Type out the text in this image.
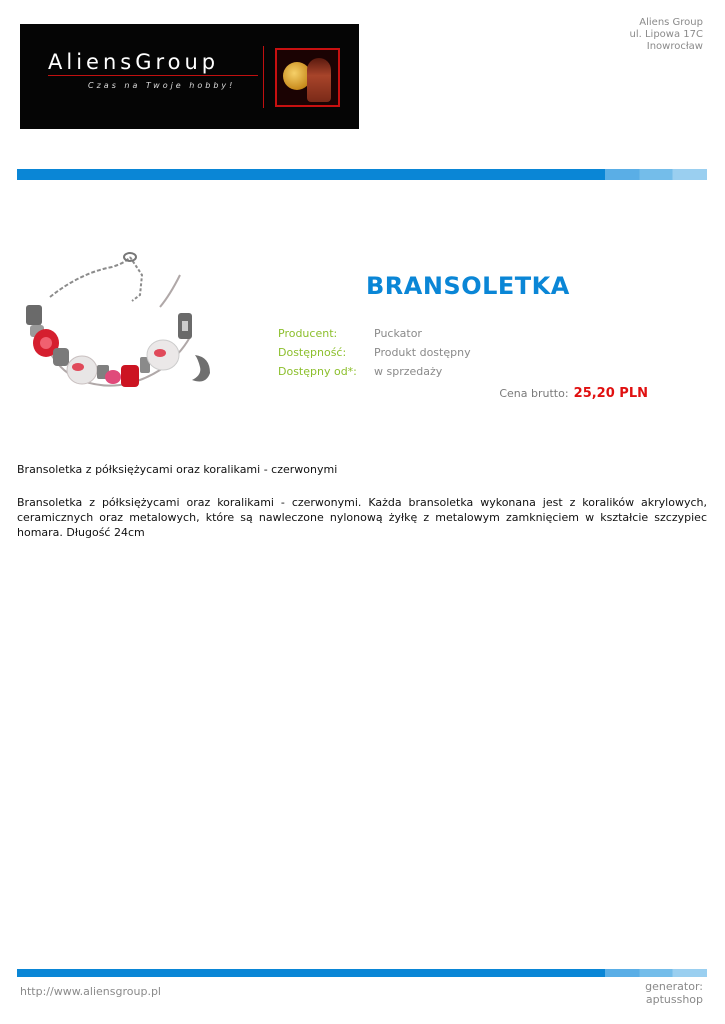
Aliens Group
ul. Lipowa 17C
Inowrocław
AliensGroup
Czas na Twoje hobby!
BRANSOLETKA
Producent:	Puckator
Dostępność:	Produkt dostępny
Dostępny od*: w sprzedaży
Cena brutto: 25,20 PLN
Bransoletka z półksiężycami oraz koralikami - czerwonymi
Bransoletka z półksiężycami oraz koralikami - czerwonymi. Każda bransoletka wykonana jest z koralików akrylowych, ceramicznych oraz metalowych, które są nawleczone nylonową żyłkę z metalowym zamknięciem w kształcie szczypiec homara. Długość 24cm
http://www.aliensgroup.pl	generator:
aptusshop
